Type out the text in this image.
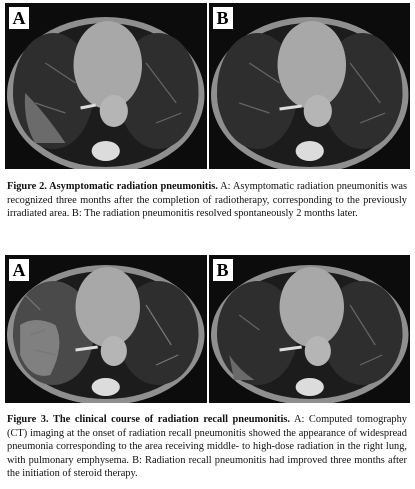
A	B

Figure 2. Asymptomatic radiation pneumonitis. A: Asymptomatic radiation pneumonitis was recognized three months after the completion of radiotherapy, corresponding to the previously irradiated area. B: The radiation pneumonitis resolved spontaneously 2 months later.

A	B

Figure 3. The clinical course of radiation recall pneumonitis. A: Computed tomography (CT) imaging at the onset of radiation recall pneumonitis showed the appearance of widespread pneumonia corresponding to the area receiving middle- to high-dose radiation in the right lung, with pulmonary emphysema. B: Radiation recall pneumonitis had improved three months after the initiation of steroid therapy.
